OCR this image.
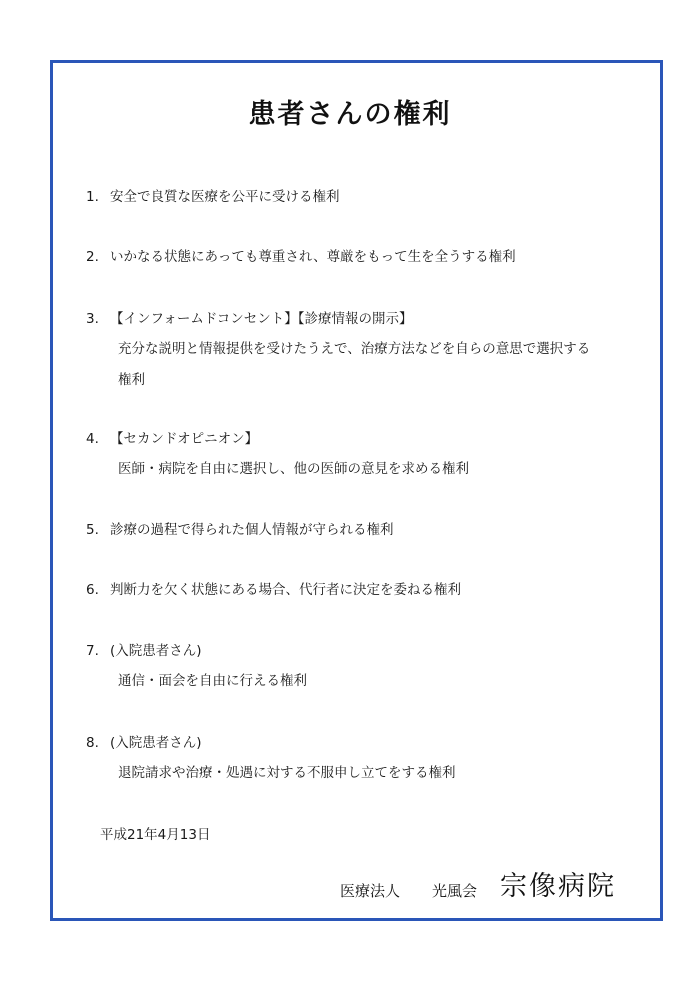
患者さんの権利
1. 安全で良質な医療を公平に受ける権利
2. いかなる状態にあっても尊重され、尊厳をもって生を全うする権利
3. 【インフォームドコンセント】【診療情報の開示】
充分な説明と情報提供を受けたうえで、治療方法などを自らの意思で選択する
権利
4. 【セカンドオピニオン】
医師・病院を自由に選択し、他の医師の意見を求める権利
5. 診療の過程で得られた個人情報が守られる権利
6. 判断力を欠く状態にある場合、代行者に決定を委ねる権利
7. (入院患者さん)
通信・面会を自由に行える権利
8. (入院患者さん)
退院請求や治療・処遇に対する不服申し立てをする権利
平成21年4月13日
医療法人 光風会 宗像病院
